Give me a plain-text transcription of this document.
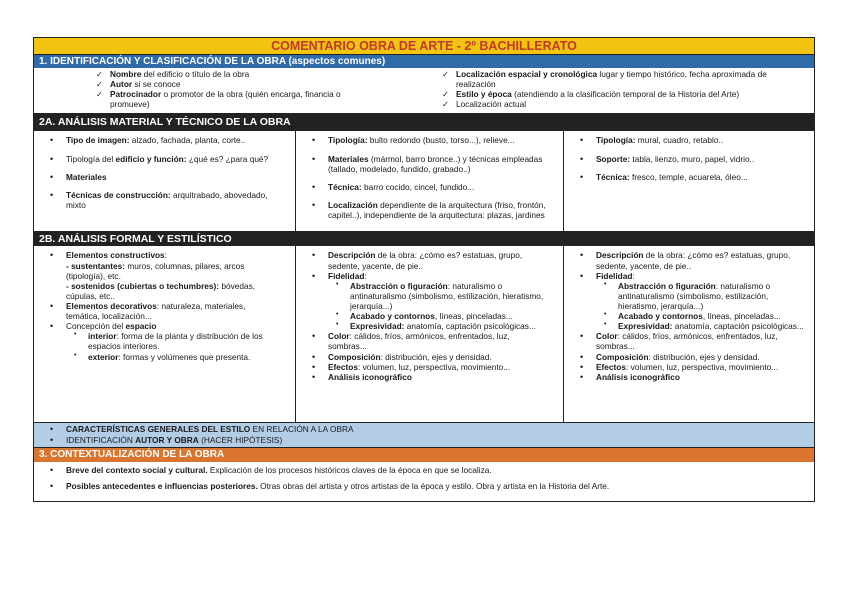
COMENTARIO OBRA DE ARTE - 2º BACHILLERATO
1. IDENTIFICACIÓN Y CLASIFICACIÓN DE LA OBRA (aspectos comunes)
✓ Nombre del edificio o título de la obra
✓ Autor si se conoce
✓ Patrocinador o promotor de la obra (quién encarga, financia o promueve)
✓ Localización espacial y cronológica lugar y tiempo histórico, fecha aproximada de realización
✓ Estilo y época (atendiendo a la clasificación temporal de la Historia del Arte)
✓ Localización actual
2A. ANÁLISIS MATERIAL Y TÉCNICO DE LA OBRA
• Tipo de imagen: alzado, fachada, planta, corte..
• Tipología del edificio y función: ¿qué es? ¿para qué?
• Materiales
• Técnicas de construcción: arquitrabado, abovedado, mixto
• Tipología: bulto redondo (busto, torso...), relieve...
• Materiales (mármol, barro bronce..) y técnicas empleadas (tallado, modelado, fundido, grabado..)
• Técnica: barro cocido, cincel, fundido...
• Localización dependiente de la arquitectura (friso, frontón, capitel..), independiente de la arquitectura: plazas, jardines
• Tipología: mural, cuadro, retablo..
• Soporte: tabla, lienzo, muro, papel, vidrio..
• Técnica: fresco, temple, acuarela, óleo...
2B. ANÁLISIS FORMAL Y ESTILÍSTICO
• Elementos constructivos:
- sustentantes: muros, columnas, pilares, arcos (tipología), etc.
- sostenidos (cubiertas o techumbres): bóvedas, cúpulas, etc..
• Elementos decorativos: naturaleza, materiales, temática, localización...
• Concepción del espacio
• interior: forma de la planta y distribución de los espacios interiores.
• exterior: formas y volúmenes que presenta.
• Descripción de la obra: ¿cómo es? estatuas, grupo, sedente, yacente, de pie..
• Fidelidad:
• Abstracción o figuración: naturalismo o antinaturalismo (simbolismo, estilización, hieratismo, jerarquía...)
• Acabado y contornos, líneas, pinceladas...
• Expresividad: anatomía, captación psicológicas...
• Color: cálidos, fríos, armónicos, enfrentados, luz, sombras...
• Composición: distribución, ejes y densidad.
• Efectos: volumen, luz, perspectiva, movimiento...
• Análisis iconográfico
• Descripción de la obra: ¿cómo es? estatuas, grupo, sedente, yacente, de pie..
• Fidelidad:
• Abstracción o figuración: naturalismo o antinaturalismo (simbolismo, estilización, hieratismo, jerarquía...)
• Acabado y contornos, líneas, pinceladas...
• Expresividad: anatomía, captación psicológicas...
• Color: cálidos, fríos, armónicos, enfrentados, luz, sombras...
• Composición: distribución, ejes y densidad.
• Efectos: volumen, luz, perspectiva, movimiento...
• Análisis iconográfico
• CARACTERÍSTICAS GENERALES DEL ESTILO EN RELACIÓN A LA OBRA
• IDENTIFICACIÓN AUTOR Y OBRA (HACER HIPÓTESIS)
3. CONTEXTUALIZACIÓN DE LA OBRA
• Breve del contexto social y cultural. Explicación de los procesos históricos claves de la época en que se localiza.
• Posibles antecedentes e influencias posteriores. Otras obras del artista y otros artistas de la época y estilo. Obra y artista en la Historia del Arte.
